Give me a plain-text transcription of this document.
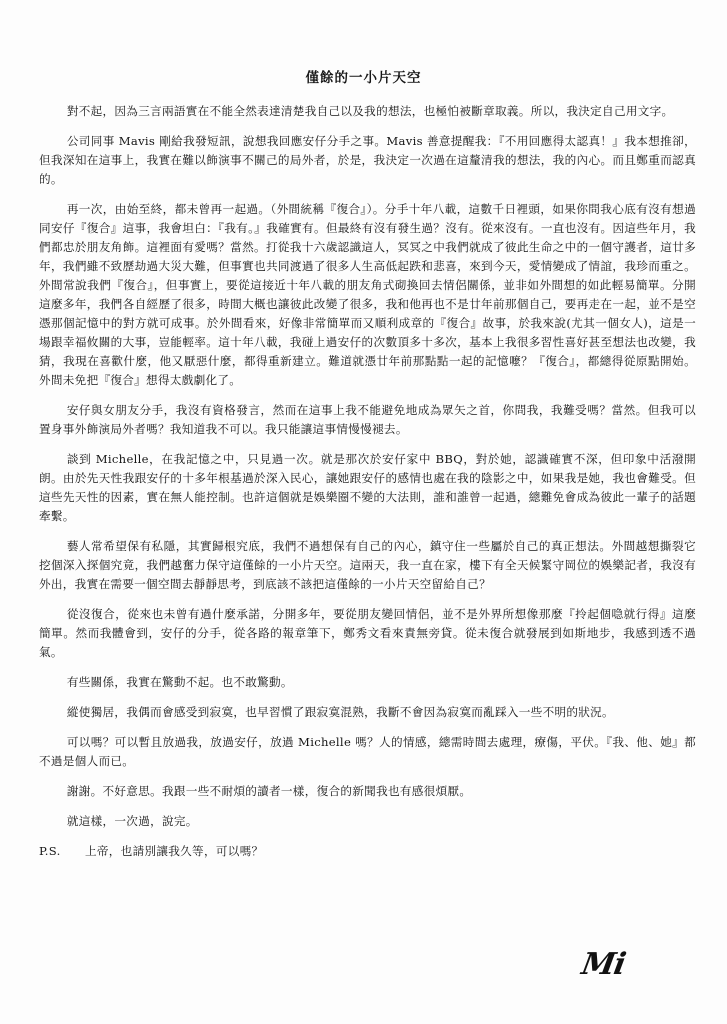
僅餘的一小片天空

對不起，因為三言兩語實在不能全然表達清楚我自己以及我的想法，也極怕被斷章取義。所以，我決定自己用文字。

公司同事 Mavis 剛給我發短訊，說想我回應安仔分手之事。Mavis 善意提醒我：『不用回應得太認真！』我本想推卻，但我深知在這事上，我實在難以飾演事不關己的局外者，於是，我決定一次過在這釐清我的想法，我的內心。而且鄭重而認真的。

再一次，由始至終，都未曾再一起過。（外間統稱『復合』）。分手十年八載，這數千日裡頭，如果你問我心底有沒有想過同安仔『復合』這事，我會坦白：『我有。』我確實有。但最終有沒有發生過？沒有。從來沒有。一直也沒有。因這些年月，我們都忠於朋友角飾。這裡面有愛嗎？當然。打從我十六歲認識這人，冥冥之中我們就成了彼此生命之中的一個守護者，這廿多年，我們雖不致歷劫過大災大難，但事實也共同渡過了很多人生高低起跌和悲喜，來到今天，愛情變成了情誼，我珍而重之。外間常說我們『復合』，但事實上，要從這接近十年八載的朋友角式砌換回去情侶關係，並非如外間想的如此輕易簡單。分開這麼多年，我們各自經歷了很多，時間大概也讓彼此改變了很多，我和他再也不是廿年前那個自己，要再走在一起，並不是空憑那個記憶中的對方就可成事。於外間看來，好像非常簡單而又順利成章的『復合』故事，於我來說(尤其一個女人)，這是一場跟幸福攸關的大事，豈能輕率。這十年八載，我碰上過安仔的次數頂多十多次，基本上我很多習性喜好甚至想法也改變，我猜，我現在喜歡什麼，他又厭惡什麼，都得重新建立。難道就憑廿年前那點點一起的記憶嚒？『復合』，都總得從原點開始。外間未免把『復合』想得太戲劇化了。

安仔與女朋友分手，我沒有資格發言，然而在這事上我不能避免地成為眾矢之首，你問我，我難受嗎？當然。但我可以置身事外飾演局外者嗎？我知道我不可以。我只能讓這事情慢慢褪去。

談到 Michelle，在我記憶之中，只見過一次。就是那次於安仔家中 BBQ，對於她，認識確實不深，但印象中活潑開朗。由於先天性我跟安仔的十多年根基過於深入民心，讓她跟安仔的感情也處在我的陰影之中，如果我是她，我也會難受。但這些先天性的因素，實在無人能控制。也許這個就是娛樂圈不變的大法則，誰和誰曾一起過，總難免會成為彼此一輩子的話題牽繫。

藝人常希望保有私隱，其實歸根究底，我們不過想保有自己的內心，鎮守住一些屬於自己的真正想法。外間越想撕裂它挖個深入探個究竟，我們越奮力保守這僅餘的一小片天空。這兩天，我一直在家，樓下有全天候緊守岡位的娛樂記者，我沒有外出，我實在需要一個空間去靜靜思考，到底該不該把這僅餘的一小片天空留給自己？

從沒復合，從來也未曾有過什麼承諾，分開多年，要從朋友變回情侶，並不是外界所想像那麼『拎起個喼就行得』這麼簡單。然而我體會到，安仔的分手，從各路的報章筆下，鄭秀文看來責無旁貸。從未復合就發展到如斯地步，我感到透不過氣。

有些關係，我實在驚動不起。也不敢驚動。

縱使獨居，我偶而會感受到寂寞，也早習慣了跟寂寞混熟，我斷不會因為寂寞而亂踩入一些不明的狀況。

可以嗎？可以暫且放過我，放過安仔，放過 Michelle 嗎？人的情感，總需時間去處理，療傷，平伏。『我、他、她』都不過是個人而已。

謝謝。不好意思。我跟一些不耐煩的讀者一樣，復合的新聞我也有感很煩厭。

就這樣，一次過，說完。

P.S.	上帝，也請別讓我久等，可以嗎？
Mi
